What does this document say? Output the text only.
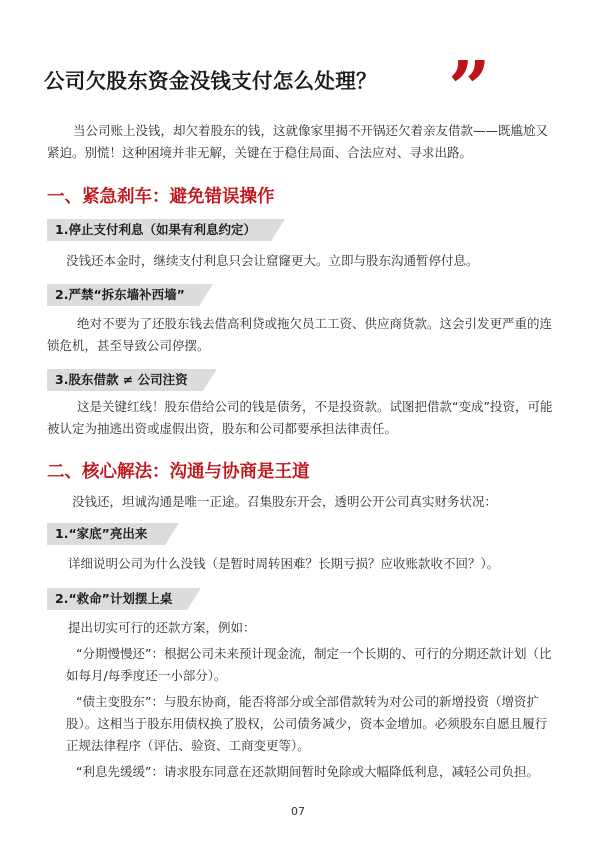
公司欠股东资金没钱支付怎么处理？ ”
当公司账上没钱，却欠着股东的钱，这就像家里揭不开锅还欠着亲友借款——既尴尬又紧迫。别慌！这种困境并非无解，关键在于稳住局面、合法应对、寻求出路。
一、紧急刹车：避免错误操作
1.停止支付利息（如果有利息约定）
没钱还本金时，继续支付利息只会让窟窿更大。立即与股东沟通暂停付息。
2.严禁“拆东墙补西墙”
绝对不要为了还股东钱去借高利贷或拖欠员工工资、供应商货款。这会引发更严重的连锁危机，甚至导致公司停摆。
3.股东借款 ≠ 公司注资
这是关键红线！股东借给公司的钱是债务，不是投资款。试图把借款“变成”投资，可能被认定为抽逃出资或虚假出资，股东和公司都要承担法律责任。
二、核心解法：沟通与协商是王道
没钱还，坦诚沟通是唯一正途。召集股东开会，透明公开公司真实财务状况：
1.“家底”亮出来
详细说明公司为什么没钱（是暂时周转困难？长期亏损？应收账款收不回？）。
2.“救命”计划摆上桌
提出切实可行的还款方案，例如：
“分期慢慢还”：根据公司未来预计现金流，制定一个长期的、可行的分期还款计划（比如每月/每季度还一小部分）。
“债主变股东”：与股东协商，能否将部分或全部借款转为对公司的新增投资（增资扩股）。这相当于股东用债权换了股权，公司债务减少，资本金增加。必须股东自愿且履行正规法律程序（评估、验资、工商变更等）。
“利息先缓缓”：请求股东同意在还款期间暂时免除或大幅降低利息，减轻公司负担。
07
